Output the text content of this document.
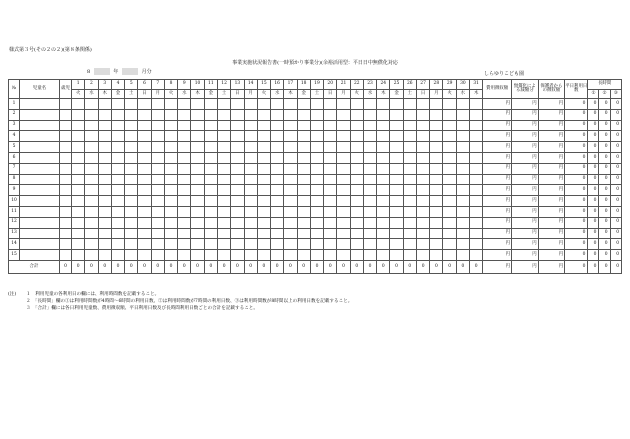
様式第３号(その２の２)(第８条関係)
事業実施状況報告書(一時預かり事業分)(余裕活用型：平日日中無償化対応
8	年	月分	しらゆりこども園
№	児童名	歳児	1	2	3	4	5	6	7	8	9	10	11	12	13	14	15	16	17	18	19	20	21	22	23	24	25	26	27	28	29	30	31	費用徴収額	無償化による減額分	保護者からの徴収額	平日利用日数	長時間		
			火	水	木	金	土	日	月	火	水	木	金	土	日	月	火	水	木	金	土	日	月	火	水	木	金	土	日	月	火	水	木					①	②	③
1																																		円	円	円	0	0	0	0
2																																		円	円	円	0	0	0	0
3																																		円	円	円	0	0	0	0
4																																		円	円	円	0	0	0	0
5																																		円	円	円	0	0	0	0
6																																		円	円	円	0	0	0	0
7																																		円	円	円	0	0	0	0
8																																		円	円	円	0	0	0	0
9																																		円	円	円	0	0	0	0
10																																		円	円	円	0	0	0	0
11																																		円	円	円	0	0	0	0
12																																		円	円	円	0	0	0	0
13																																		円	円	円	0	0	0	0
14																																		円	円	円	0	0	0	0
15																																		円	円	円	0	0	0	0
合計		0	0	0	0	0	0	0	0	0	0	0	0	0	0	0	0	0	0	0	0	0	0	0	0	0	0	0	0	0	0	0	0	円	円	円	0	0	0	0
(注) １　利用児童の各利用日の欄には、利用時間数を記載すること。
２　「長時間」欄の①は利用時間数が4時間～6時間の利用日数、②は利用時間数が7時間の利用日数、③は利用時間数が8時間以上の利用日数を記載すること。
３　「合計」欄には各日利用児童数、費用徴収額、平日利用日数及び長時間利用日数ごとの合計を記載すること。
